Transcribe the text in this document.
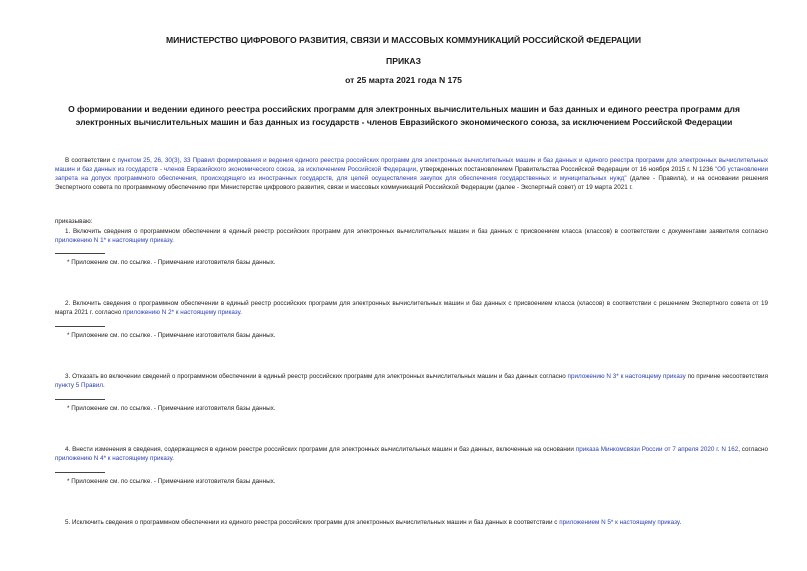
МИНИСТЕРСТВО ЦИФРОВОГО РАЗВИТИЯ, СВЯЗИ И МАССОВЫХ КОММУНИКАЦИЙ РОССИЙСКОЙ ФЕДЕРАЦИИ
ПРИКАЗ
от 25 марта 2021 года N 175
О формировании и ведении единого реестра российских программ для электронных вычислительных машин и баз данных и единого реестра программ для электронных вычислительных машин и баз данных из государств - членов Евразийского экономического союза, за исключением Российской Федерации
В соответствии с пунктом 25, 26, 30(3), 33 Правил формирования и ведения единого реестра российских программ для электронных вычислительных машин и баз данных и единого реестра программ для электронных вычислительных машин и баз данных из государств - членов Евразийского экономического союза, за исключением Российской Федерации, утвержденных постановлением Правительства Российской Федерации от 16 ноября 2015 г. N 1236 "Об установлении запрета на допуск программного обеспечения, происходящего из иностранных государств, для целей осуществления закупок для обеспечения государственных и муниципальных нужд" (далее - Правила), и на основании решения Экспертного совета по программному обеспечению при Министерстве цифрового развития, связи и массовых коммуникаций Российской Федерации (далее - Экспертный совет) от 19 марта 2021 г.
приказываю:
1. Включить сведения о программном обеспечении в единый реестр российских программ для электронных вычислительных машин и баз данных с присвоением класса (классов) в соответствии с документами заявителя согласно приложению N 1* к настоящему приказу.
* Приложение см. по ссылке. - Примечание изготовителя базы данных.
2. Включить сведения о программном обеспечении в единый реестр российских программ для электронных вычислительных машин и баз данных с присвоением класса (классов) в соответствии с решением Экспертного совета от 19 марта 2021 г. согласно приложению N 2* к настоящему приказу.
* Приложение см. по ссылке. - Примечание изготовителя базы данных.
3. Отказать во включении сведений о программном обеспечении в единый реестр российских программ для электронных вычислительных машин и баз данных согласно приложению N 3* к настоящему приказу по причине несоответствия пункту 5 Правил.
* Приложение см. по ссылке. - Примечание изготовителя базы данных.
4. Внести изменения в сведения, содержащиеся в едином реестре российских программ для электронных вычислительных машин и баз данных, включенные на основании приказа Минкомсвязи России от 7 апреля 2020 г. N 162, согласно приложению N 4* к настоящему приказу.
* Приложение см. по ссылке. - Примечание изготовителя базы данных.
5. Исключить сведения о программном обеспечении из единого реестра российских программ для электронных вычислительных машин и баз данных в соответствии с приложением N 5* к настоящему приказу.
